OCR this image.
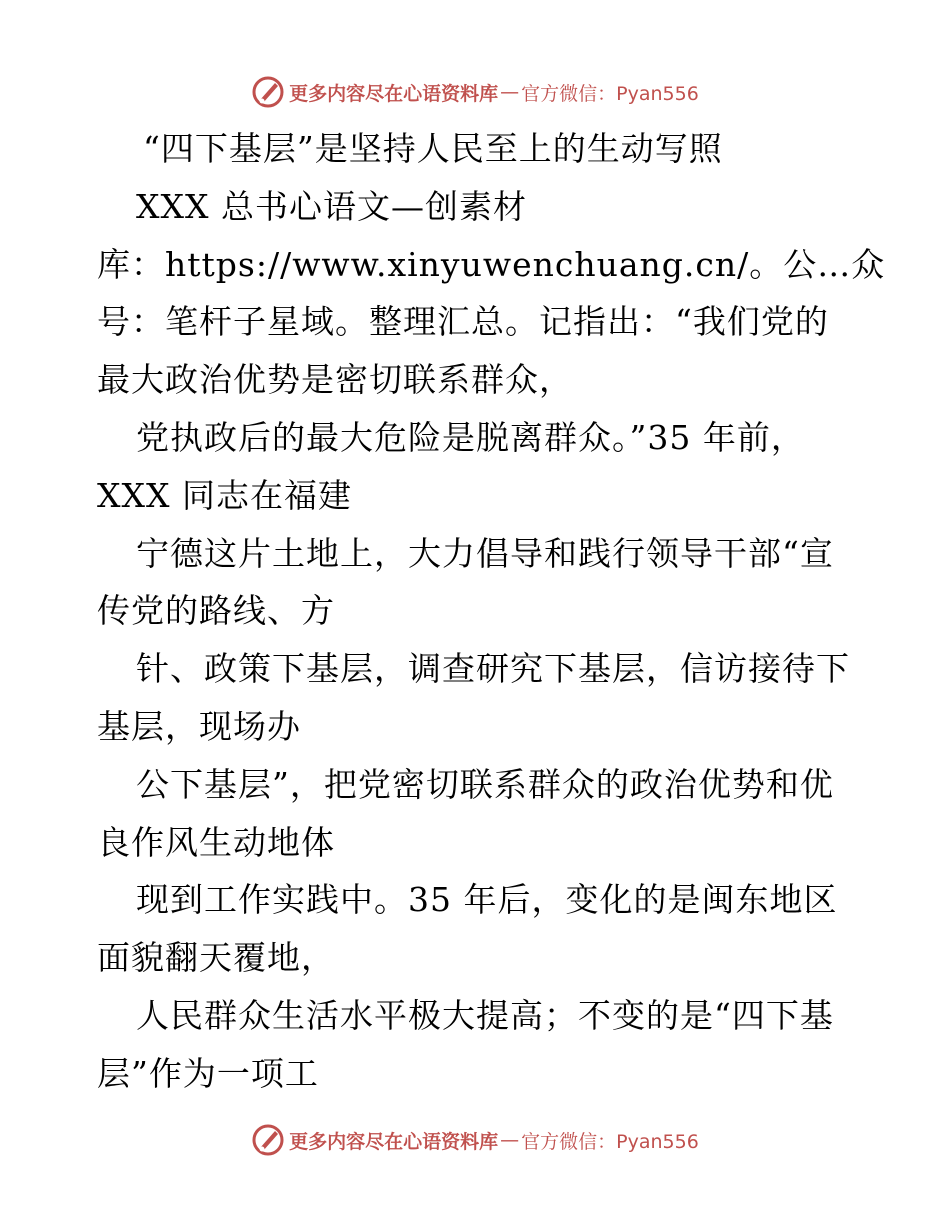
更多内容尽在心语资料库 — 官方微信：Pyan556
“四下基层”是坚持人民至上的生动写照
XXX 总书心语文—创素材
库：https://www.xinyuwenchuang.cn/。公…众
号：笔杆子星域。整理汇总。记指出：“我们党的
最大政治优势是密切联系群众，
党执政后的最大危险是脱离群众。”35 年前，
XXX 同志在福建
宁德这片土地上，大力倡导和践行领导干部“宣
传党的路线、方
针、政策下基层，调查研究下基层，信访接待下
基层，现场办
公下基层”，把党密切联系群众的政治优势和优
良作风生动地体
现到工作实践中。35 年后，变化的是闽东地区
面貌翻天覆地，
人民群众生活水平极大提高；不变的是“四下基
层”作为一项工
更多内容尽在心语资料库 — 官方微信：Pyan556
